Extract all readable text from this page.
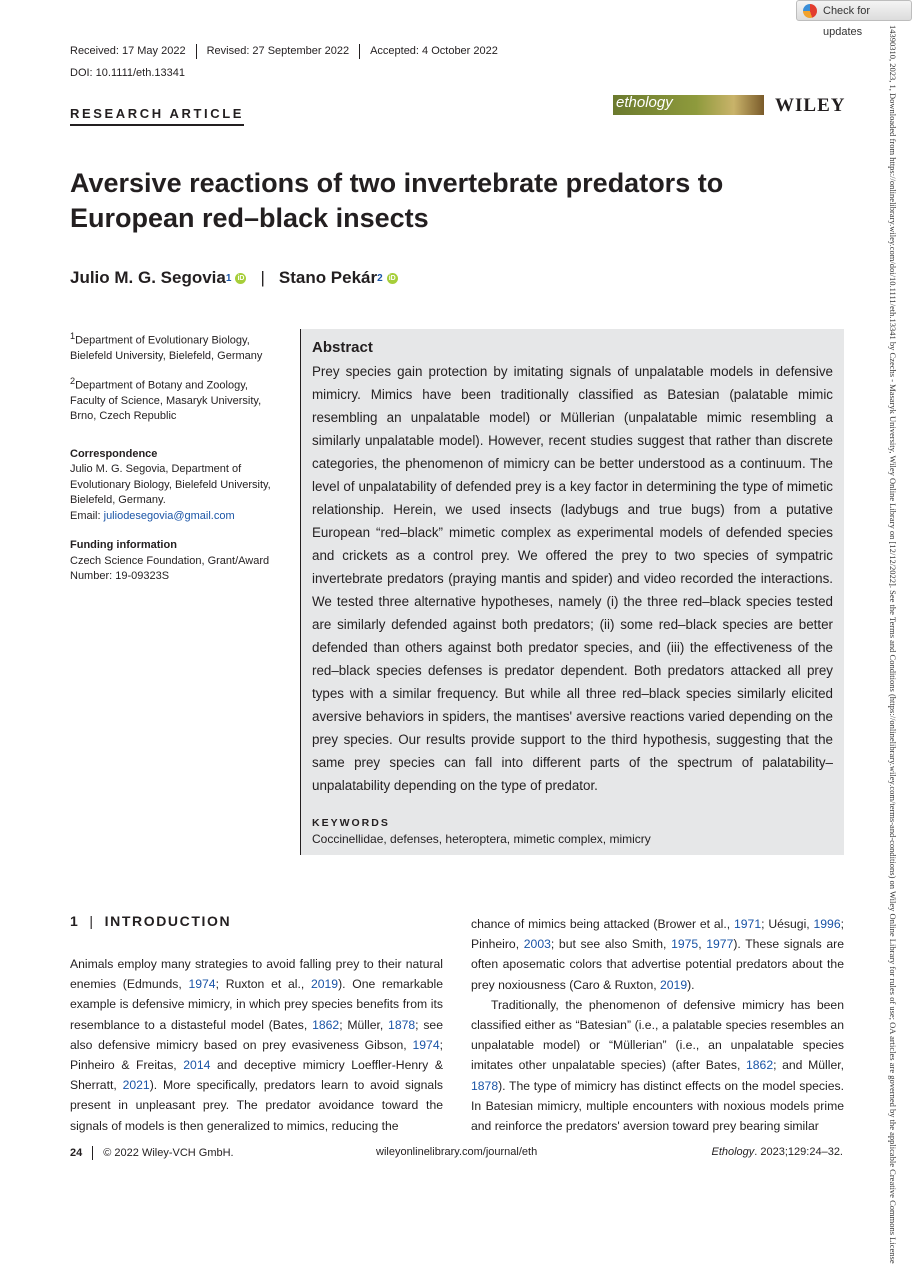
Check for updates	14390310, 2023, 1, Downloaded from https://onlinelibrary.wiley.com/doi/10.1111/eth.13341 by Czechs - Masaryk University, Wiley Online Library on [12/12/2022]. See the Terms and Conditions (https://onlinelibrary.wiley.com/terms-and-conditions) on Wiley Online Library for rules of use; OA articles are governed by the applicable Creative Commons License
Received: 17 May 2022	Revised: 27 September 2022	Accepted: 4 October 2022
DOI: 10.1111/eth.13341
RESEARCH ARTICLE
ethology	WILEY
Aversive reactions of two invertebrate predators to European red–black insects
Julio M. G. Segovia 1 iD | Stano Pekár 2 iD

$^1$Department of Evolutionary Biology, Bielefeld University, Bielefeld, Germany

$^2$Department of Botany and Zoology, Faculty of Science, Masaryk University, Brno, Czech Republic

Correspondence

Julio M. G. Segovia, Department of Evolutionary Biology, Bielefeld University, Bielefeld, Germany.
Email: juliodesegovia@gmail.com

Funding information

Czech Science Foundation, Grant/Award Number: 19-09323S

Abstract
Prey species gain protection by imitating signals of unpalatable models in defensive mimicry. Mimics have been traditionally classified as Batesian (palatable mimic resembling an unpalatable model) or Müllerian (unpalatable mimic resembling a similarly unpalatable model). However, recent studies suggest that rather than discrete categories, the phenomenon of mimicry can be better understood as a continuum. The level of unpalatability of defended prey is a key factor in determining the type of mimetic relationship. Herein, we used insects (ladybugs and true bugs) from a putative European “red–black” mimetic complex as experimental models of defended species and crickets as a control prey. We offered the prey to two species of sympatric invertebrate predators (praying mantis and spider) and video recorded the interactions. We tested three alternative hypotheses, namely (i) the three red–black species tested are similarly defended against both predators; (ii) some red–black species are better defended than others against both predator species, and (iii) the effectiveness of the red–black species defenses is predator dependent. Both predators attacked all prey types with a similar frequency. But while all three red–black species similarly elicited aversive behaviors in spiders, the mantises' aversive reactions varied depending on the prey species. Our results provide support to the third hypothesis, suggesting that the same prey species can fall into different parts of the spectrum of palatability–unpalatability depending on the type of predator.
KEYWORDS
Coccinellidae, defenses, heteroptera, mimetic complex, mimicry
1 | INTRODUCTION
Animals employ many strategies to avoid falling prey to their natural enemies (Edmunds, 1974; Ruxton et al., 2019). One remarkable example is defensive mimicry, in which prey species benefits from its resemblance to a distasteful model (Bates, 1862; Müller, 1878; see also defensive mimicry based on prey evasiveness Gibson, 1974; Pinheiro & Freitas, 2014 and deceptive mimicry Loeffler-Henry & Sherratt, 2021). More specifically, predators learn to avoid signals present in unpleasant prey. The predator avoidance toward the signals of models is then generalized to mimics, reducing the
chance of mimics being attacked (Brower et al., 1971; Uésugi, 1996; Pinheiro, 2003; but see also Smith, 1975, 1977). These signals are often aposematic colors that advertise potential predators about the prey noxiousness (Caro & Ruxton, 2019).
Traditionally, the phenomenon of defensive mimicry has been classified either as “Batesian” (i.e., a palatable species resembles an unpalatable model) or “Müllerian” (i.e., an unpalatable species imitates other unpalatable species) (after Bates, 1862; and Müller, 1878). The type of mimicry has distinct effects on the model species. In Batesian mimicry, multiple encounters with noxious models prime and reinforce the predators' aversion toward prey bearing similar
24 © 2022 Wiley-VCH GmbH.	wileyonlinelibrary.com/journal/eth	Ethology. 2023;129:24–32.
